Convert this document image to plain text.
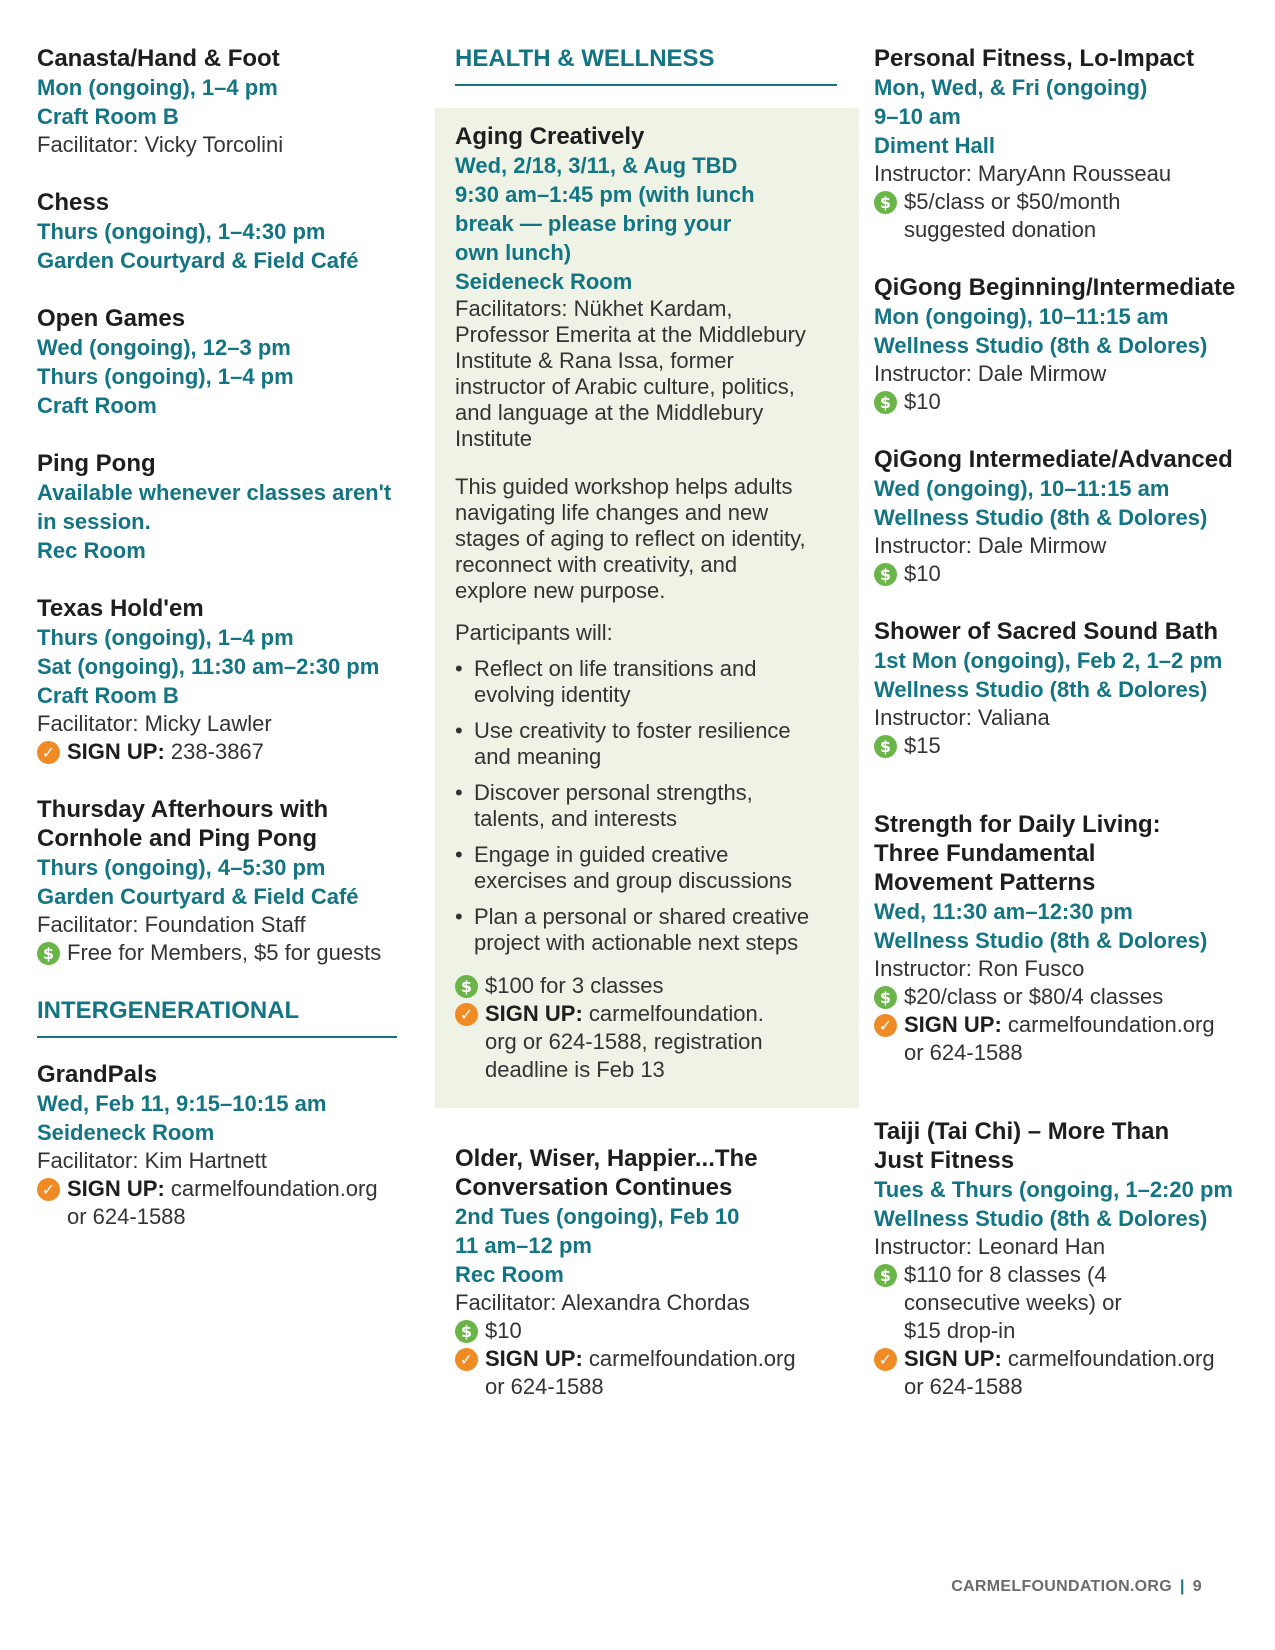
Canasta/Hand & Foot
Mon (ongoing), 1–4 pm
Craft Room B
Facilitator: Vicky Torcolini
Chess
Thurs (ongoing), 1–4:30 pm
Garden Courtyard & Field Café
Open Games
Wed (ongoing), 12–3 pm
Thurs (ongoing), 1–4 pm
Craft Room
Ping Pong
Available whenever classes aren't
in session.
Rec Room
Texas Hold'em
Thurs (ongoing), 1–4 pm
Sat (ongoing), 11:30 am–2:30 pm
Craft Room B
Facilitator: Micky Lawler
✓ SIGN UP: 238-3867
Thursday Afterhours with
Cornhole and Ping Pong
Thurs (ongoing), 4–5:30 pm
Garden Courtyard & Field Café
Facilitator: Foundation Staff
$ Free for Members, $5 for guests
INTERGENERATIONAL
GrandPals
Wed, Feb 11, 9:15–10:15 am
Seideneck Room
Facilitator: Kim Hartnett
✓ SIGN UP: carmelfoundation.org
or 624-1588
HEALTH & WELLNESS
Aging Creatively
Wed, 2/18, 3/11, & Aug TBD
9:30 am–1:45 pm (with lunch
break — please bring your
own lunch)
Seideneck Room
Facilitators: Nükhet Kardam,
Professor Emerita at the Middlebury
Institute & Rana Issa, former
instructor of Arabic culture, politics,
and language at the Middlebury
Institute
This guided workshop helps adults
navigating life changes and new
stages of aging to reflect on identity,
reconnect with creativity, and
explore new purpose.
Participants will:
• Reflect on life transitions and
evolving identity
• Use creativity to foster resilience
and meaning
• Discover personal strengths,
talents, and interests
• Engage in guided creative
exercises and group discussions
• Plan a personal or shared creative
project with actionable next steps
$ $100 for 3 classes
✓ SIGN UP: carmelfoundation.
org or 624-1588, registration
deadline is Feb 13
Older, Wiser, Happier...The
Conversation Continues
2nd Tues (ongoing), Feb 10
11 am–12 pm
Rec Room
Facilitator: Alexandra Chordas
$ $10
✓ SIGN UP: carmelfoundation.org
or 624-1588
Personal Fitness, Lo-Impact
Mon, Wed, & Fri (ongoing)
9–10 am
Diment Hall
Instructor: MaryAnn Rousseau
$ $5/class or $50/month
suggested donation
QiGong Beginning/Intermediate
Mon (ongoing), 10–11:15 am
Wellness Studio (8th & Dolores)
Instructor: Dale Mirmow
$ $10
QiGong Intermediate/Advanced
Wed (ongoing), 10–11:15 am
Wellness Studio (8th & Dolores)
Instructor: Dale Mirmow
$ $10
Shower of Sacred Sound Bath
1st Mon (ongoing), Feb 2, 1–2 pm
Wellness Studio (8th & Dolores)
Instructor: Valiana
$ $15
Strength for Daily Living:
Three Fundamental
Movement Patterns
Wed, 11:30 am–12:30 pm
Wellness Studio (8th & Dolores)
Instructor: Ron Fusco
$ $20/class or $80/4 classes
✓ SIGN UP: carmelfoundation.org
or 624-1588
Taiji (Tai Chi) – More Than
Just Fitness
Tues & Thurs (ongoing, 1–2:20 pm
Wellness Studio (8th & Dolores)
Instructor: Leonard Han
$ $110 for 8 classes (4
consecutive weeks) or
$15 drop-in
✓ SIGN UP: carmelfoundation.org
or 624-1588
CARMELFOUNDATION.ORG | 9
